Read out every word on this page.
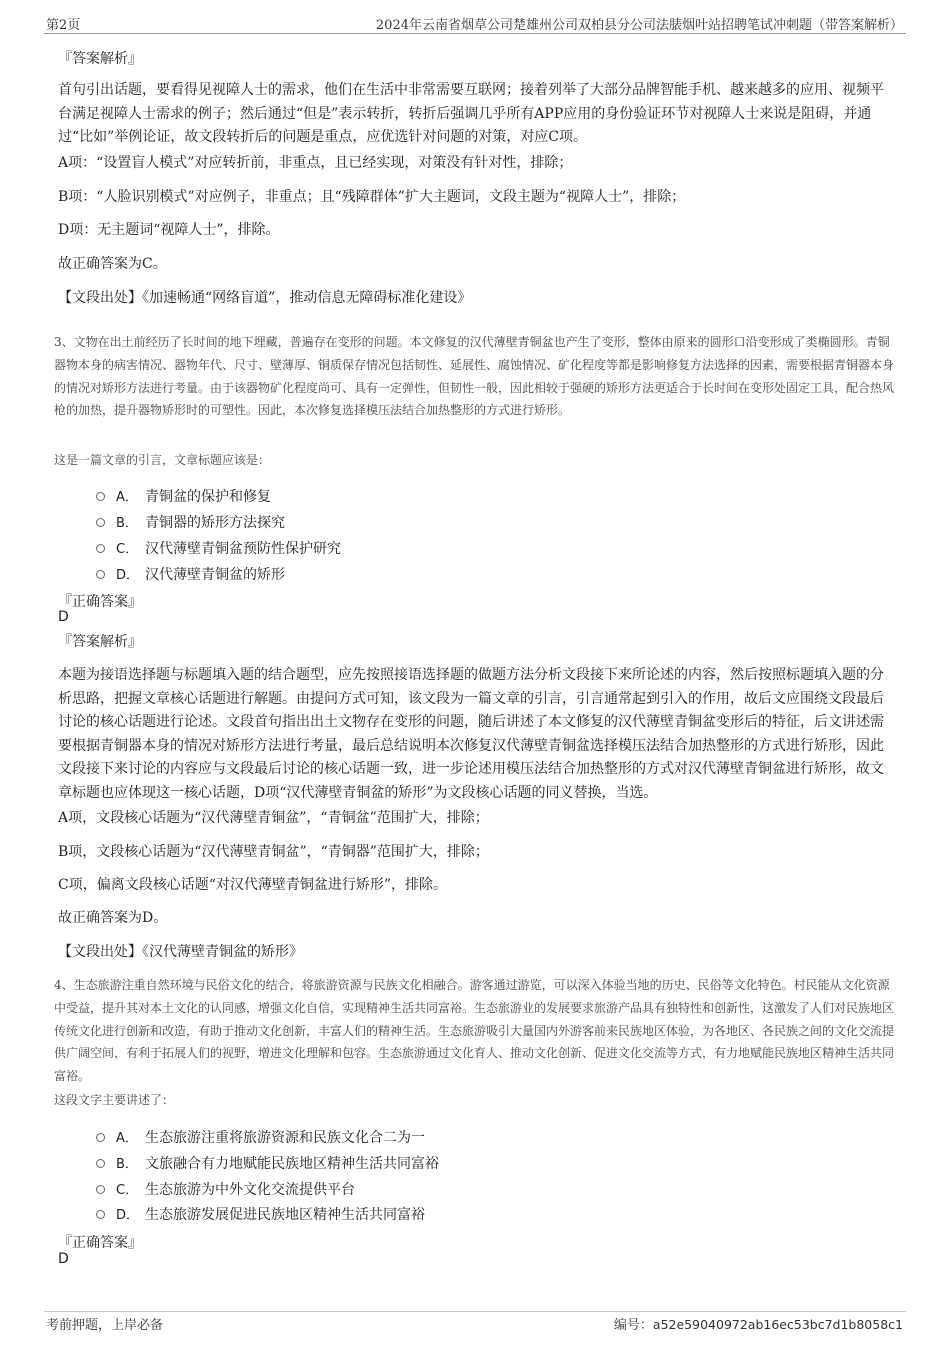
第2页	2024年云南省烟草公司楚雄州公司双柏县分公司法脿烟叶站招聘笔试冲刺题（带答案解析）
『答案解析』
首句引出话题，要看得见视障人士的需求，他们在生活中非常需要互联网；接着列举了大部分品牌智能手机、越来越多的应用、视频平台满足视障人士需求的例子；然后通过“但是”表示转折，转折后强调几乎所有APP应用的身份验证环节对视障人士来说是阻碍，并通过“比如”举例论证，故文段转折后的问题是重点，应优选针对问题的对策，对应C项。
A项：“设置盲人模式”对应转折前，非重点，且已经实现，对策没有针对性，排除；
B项：“人脸识别模式”对应例子，非重点；且“残障群体”扩大主题词，文段主题为“视障人士”，排除；
D项：无主题词“视障人士”，排除。
故正确答案为C。
【文段出处】《加速畅通“网络盲道”，推动信息无障碍标准化建设》
3、文物在出土前经历了长时间的地下埋藏，普遍存在变形的问题。本文修复的汉代薄壁青铜盆也产生了变形，整体由原来的圆形口沿变形成了类椭圆形。青铜器物本身的病害情况、器物年代、尺寸、壁薄厚、铜质保存情况包括韧性、延展性、腐蚀情况、矿化程度等都是影响修复方法选择的因素，需要根据青铜器本身的情况对矫形方法进行考量。由于该器物矿化程度尚可、具有一定弹性，但韧性一般，因此相较于强硬的矫形方法更适合于长时间在变形处固定工具，配合热风枪的加热，提升器物矫形时的可塑性。因此，本次修复选择模压法结合加热整形的方式进行矫形。
这是一篇文章的引言，文章标题应该是：
A． 青铜盆的保护和修复
B． 青铜器的矫形方法探究
C． 汉代薄壁青铜盆预防性保护研究
D． 汉代薄壁青铜盆的矫形
『正确答案』
D
『答案解析』
本题为接语选择题与标题填入题的结合题型，应先按照接语选择题的做题方法分析文段接下来所论述的内容，然后按照标题填入题的分析思路，把握文章核心话题进行解题。由提问方式可知，该文段为一篇文章的引言，引言通常起到引入的作用，故后文应围绕文段最后讨论的核心话题进行论述。文段首句指出出土文物存在变形的问题，随后讲述了本文修复的汉代薄壁青铜盆变形后的特征，后文讲述需要根据青铜器本身的情况对矫形方法进行考量，最后总结说明本次修复汉代薄壁青铜盆选择模压法结合加热整形的方式进行矫形，因此文段接下来讨论的内容应与文段最后讨论的核心话题一致，进一步论述用模压法结合加热整形的方式对汉代薄壁青铜盆进行矫形，故文章标题也应体现这一核心话题，D项“汉代薄壁青铜盆的矫形”为文段核心话题的同义替换，当选。
A项，文段核心话题为“汉代薄壁青铜盆”，“青铜盆”范围扩大，排除；
B项，文段核心话题为“汉代薄壁青铜盆”，“青铜器”范围扩大，排除；
C项，偏离文段核心话题“对汉代薄壁青铜盆进行矫形”，排除。
故正确答案为D。
【文段出处】《汉代薄壁青铜盆的矫形》
4、生态旅游注重自然环境与民俗文化的结合，将旅游资源与民族文化相融合。游客通过游览，可以深入体验当地的历史、民俗等文化特色。村民能从文化资源中受益，提升其对本土文化的认同感，增强文化自信，实现精神生活共同富裕。生态旅游业的发展要求旅游产品具有独特性和创新性，这激发了人们对民族地区传统文化进行创新和改造，有助于推动文化创新，丰富人们的精神生活。生态旅游吸引大量国内外游客前来民族地区体验，为各地区、各民族之间的文化交流提供广阔空间，有利于拓展人们的视野，增进文化理解和包容。生态旅游通过文化育人、推动文化创新、促进文化交流等方式，有力地赋能民族地区精神生活共同富裕。
这段文字主要讲述了：
A． 生态旅游注重将旅游资源和民族文化合二为一
B． 文旅融合有力地赋能民族地区精神生活共同富裕
C． 生态旅游为中外文化交流提供平台
D． 生态旅游发展促进民族地区精神生活共同富裕
『正确答案』
D
考前押题，上岸必备	编号：a52e59040972ab16ec53bc7d1b8058c1
